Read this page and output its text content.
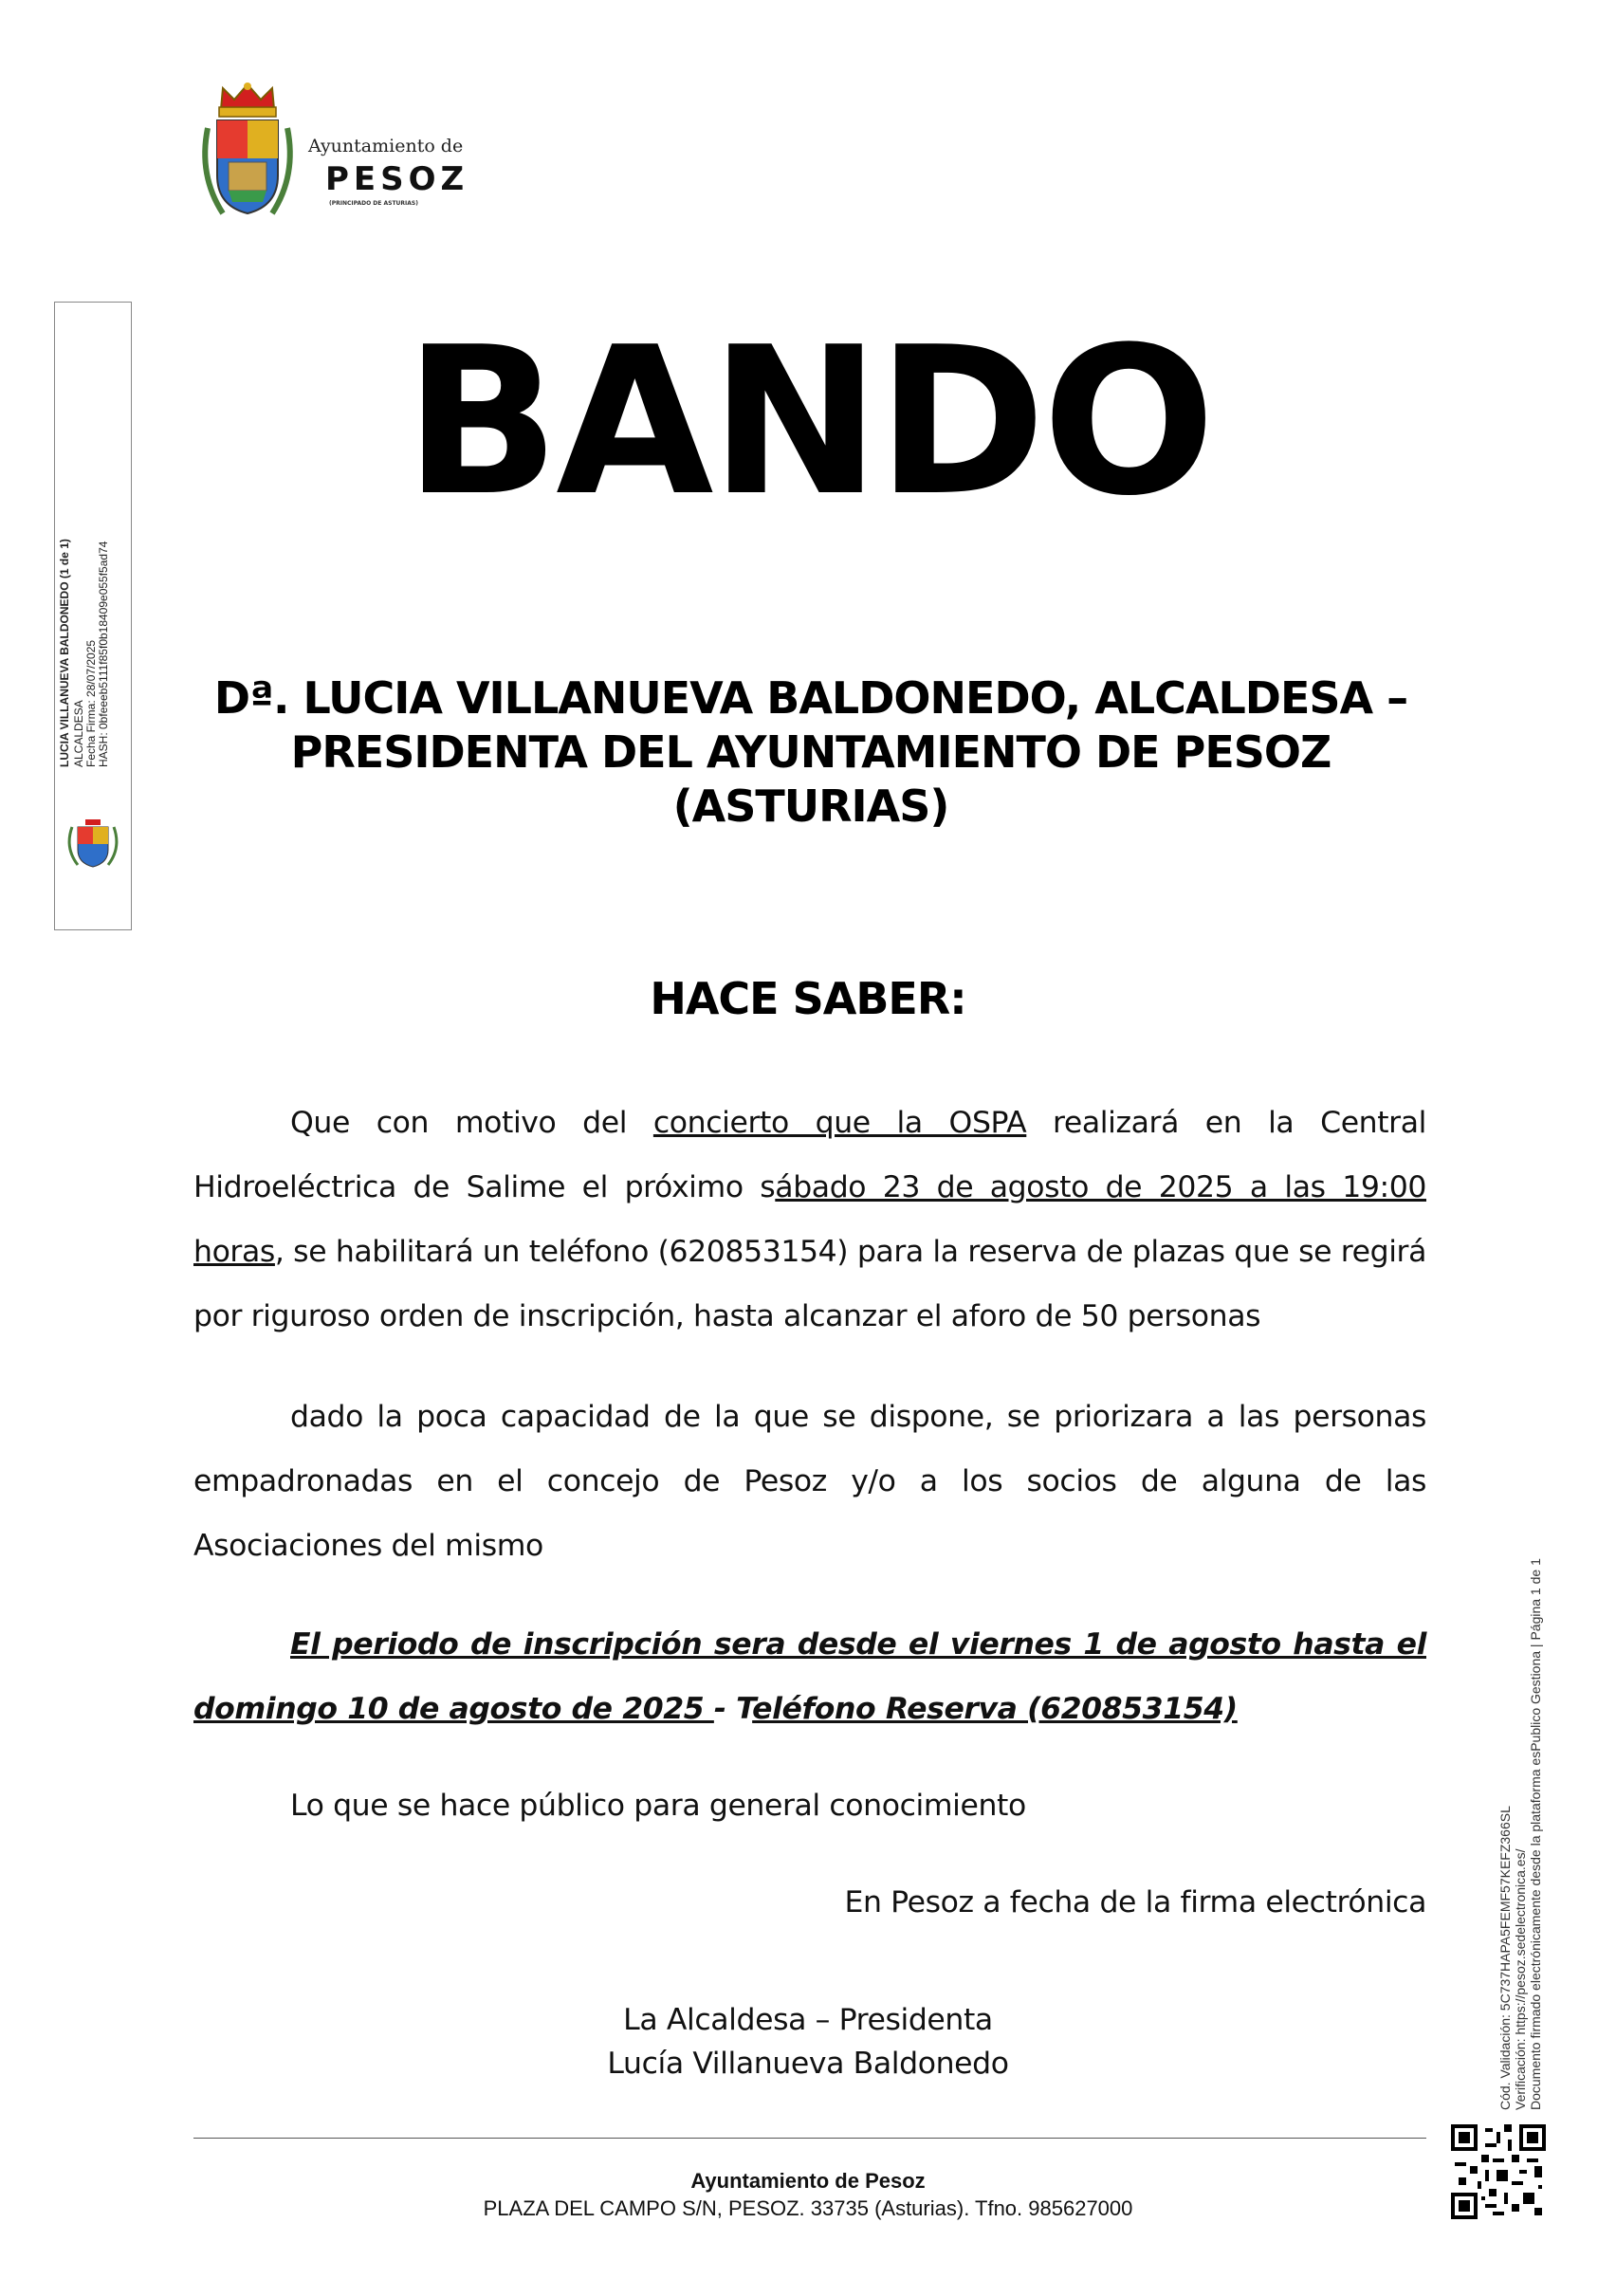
Ayuntamiento de
PESOZ
(PRINCIPADO DE ASTURIAS)
LUCIA VILLANUEVA BALDONEDO (1 de 1) ALCALDESA Fecha Firma: 28/07/2025 HASH: 0bfeeeb5111f85f0b18409e055f5ad74
Cód. Validación: 5C737HAPA5FEMF57KEFZ366SL Verificación: https://pesoz.sedelectronica.es/ Documento firmado electrónicamente desde la plataforma esPublico Gestiona | Página 1 de 1
BANDO
Dª. LUCIA VILLANUEVA BALDONEDO, ALCALDESA – PRESIDENTA DEL AYUNTAMIENTO DE PESOZ (ASTURIAS)
HACE SABER:
Que con motivo del concierto que la OSPA realizará en la Central Hidroeléctrica de Salime el próximo sábado 23 de agosto de 2025 a las 19:00 horas, se habilitará un teléfono (620853154) para la reserva de plazas que se regirá por riguroso orden de inscripción, hasta alcanzar el aforo de 50 personas
dado la poca capacidad de la que se dispone, se priorizara a las personas empadronadas en el concejo de Pesoz y/o a los socios de alguna de las Asociaciones del mismo
El periodo de inscripción sera desde el viernes 1 de agosto hasta el domingo 10 de agosto de 2025 - Teléfono Reserva (620853154)
Lo que se hace público para general conocimiento
En Pesoz a fecha de la firma electrónica
La Alcaldesa – Presidenta
Lucía Villanueva Baldonedo
Ayuntamiento de Pesoz
PLAZA DEL CAMPO S/N, PESOZ. 33735 (Asturias). Tfno. 985627000
